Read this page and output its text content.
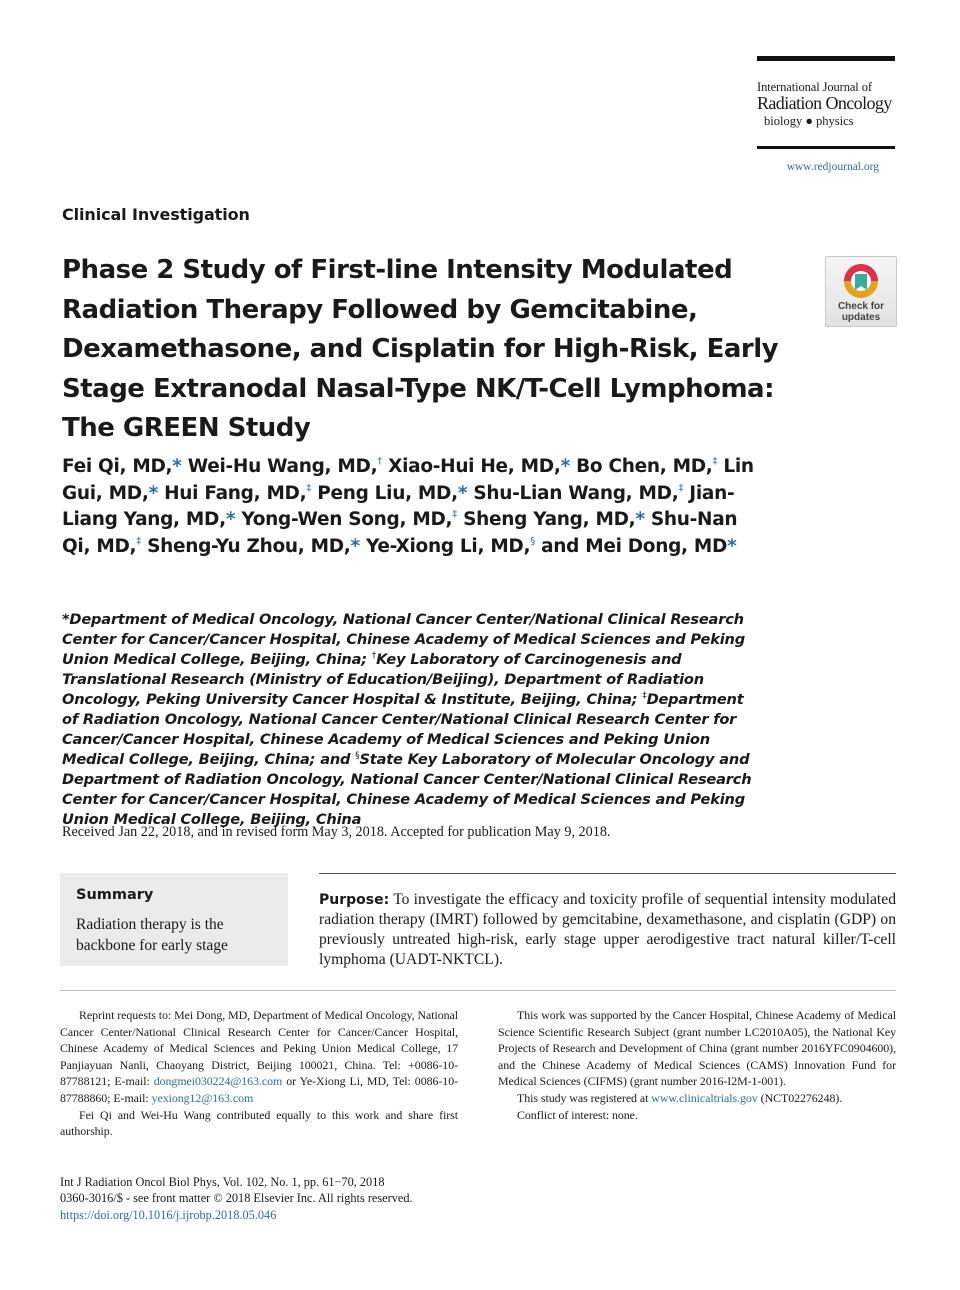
International Journal of
Radiation Oncology
biology ● physics
www.redjournal.org
Clinical Investigation
Phase 2 Study of First-line Intensity Modulated Radiation Therapy Followed by Gemcitabine, Dexamethasone, and Cisplatin for High-Risk, Early Stage Extranodal Nasal-Type NK/T-Cell Lymphoma: The GREEN Study
Check for
updates
Fei Qi, MD,* Wei-Hu Wang, MD,† Xiao-Hui He, MD,* Bo Chen, MD,‡ Lin Gui, MD,* Hui Fang, MD,‡ Peng Liu, MD,* Shu-Lian Wang, MD,‡ Jian-Liang Yang, MD,* Yong-Wen Song, MD,‡ Sheng Yang, MD,* Shu-Nan Qi, MD,‡ Sheng-Yu Zhou, MD,* Ye-Xiong Li, MD,§ and Mei Dong, MD*
*Department of Medical Oncology, National Cancer Center/National Clinical Research Center for Cancer/Cancer Hospital, Chinese Academy of Medical Sciences and Peking Union Medical College, Beijing, China; †Key Laboratory of Carcinogenesis and Translational Research (Ministry of Education/Beijing), Department of Radiation Oncology, Peking University Cancer Hospital & Institute, Beijing, China; ‡Department of Radiation Oncology, National Cancer Center/National Clinical Research Center for Cancer/Cancer Hospital, Chinese Academy of Medical Sciences and Peking Union Medical College, Beijing, China; and §State Key Laboratory of Molecular Oncology and Department of Radiation Oncology, National Cancer Center/National Clinical Research Center for Cancer/Cancer Hospital, Chinese Academy of Medical Sciences and Peking Union Medical College, Beijing, China
Received Jan 22, 2018, and in revised form May 3, 2018. Accepted for publication May 9, 2018.
Summary
Radiation therapy is the backbone for early stage
Purpose: To investigate the efficacy and toxicity profile of sequential intensity modulated radiation therapy (IMRT) followed by gemcitabine, dexamethasone, and cisplatin (GDP) on previously untreated high-risk, early stage upper aerodigestive tract natural killer/T-cell lymphoma (UADT-NKTCL).

Reprint requests to: Mei Dong, MD, Department of Medical Oncology, National Cancer Center/National Clinical Research Center for Cancer/Cancer Hospital, Chinese Academy of Medical Sciences and Peking Union Medical College, 17 Panjiayuan Nanli, Chaoyang District, Beijing 100021, China. Tel: +0086-10-87788121; E-mail: dongmei030224@163.com or Ye-Xiong Li, MD, Tel: 0086-10-87788860; E-mail: yexiong12@163.com

Fei Qi and Wei-Hu Wang contributed equally to this work and share first authorship.

This work was supported by the Cancer Hospital, Chinese Academy of Medical Science Scientific Research Subject (grant number LC2010A05), the National Key Projects of Research and Development of China (grant number 2016YFC0904600), and the Chinese Academy of Medical Sciences (CAMS) Innovation Fund for Medical Sciences (CIFMS) (grant number 2016-I2M-1-001).

This study was registered at www.clinicaltrials.gov (NCT02276248).

Conflict of interest: none.

Int J Radiation Oncol Biol Phys, Vol. 102, No. 1, pp. 61−70, 2018
0360-3016/$ - see front matter © 2018 Elsevier Inc. All rights reserved.
https://doi.org/10.1016/j.ijrobp.2018.05.046
